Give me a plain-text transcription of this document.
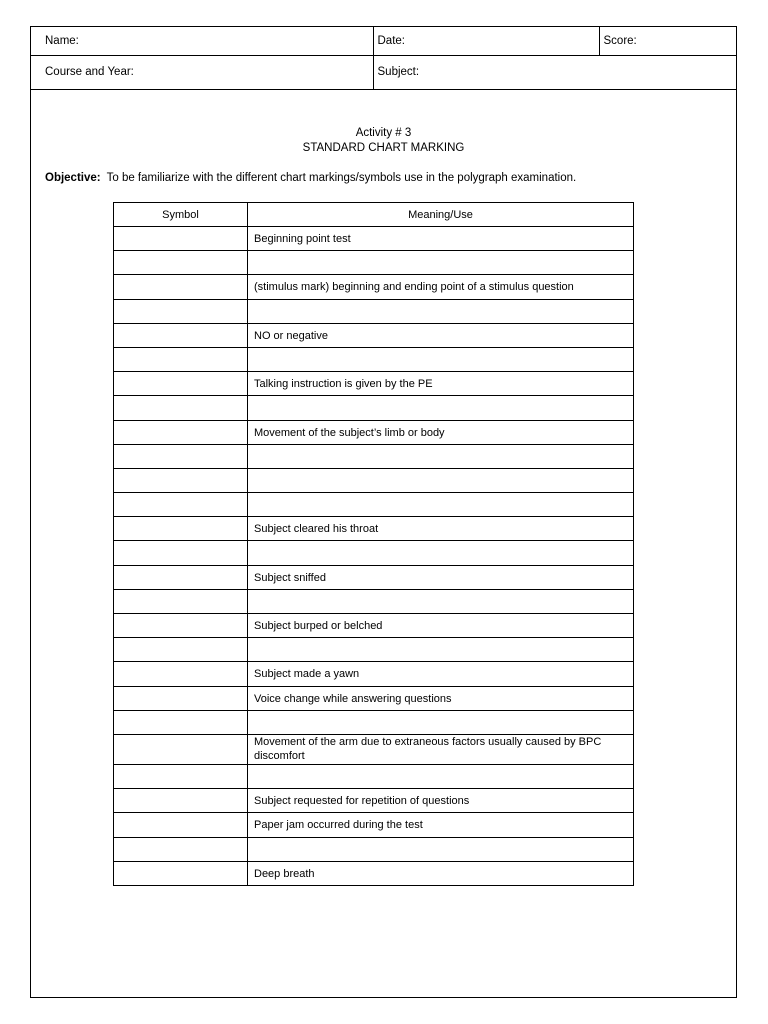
Name:	Date:	Score:
Course and Year:	Subject:	
Activity # 3
STANDARD CHART MARKING
Objective: To be familiarize with the different chart markings/symbols use in the polygraph examination.
Symbol	Meaning/Use
	Beginning point test

	(stimulus mark) beginning and ending point of a stimulus question

	NO or negative

	Talking instruction is given by the PE

	Movement of the subject’s limb or body

	Subject cleared his throat

	Subject sniffed

	Subject burped or belched

	Subject made a yawn
	Voice change while answering questions

	Movement of the arm due to extraneous factors usually caused by BPC discomfort

	Subject requested for repetition of questions
	Paper jam occurred during the test

	Deep breath
